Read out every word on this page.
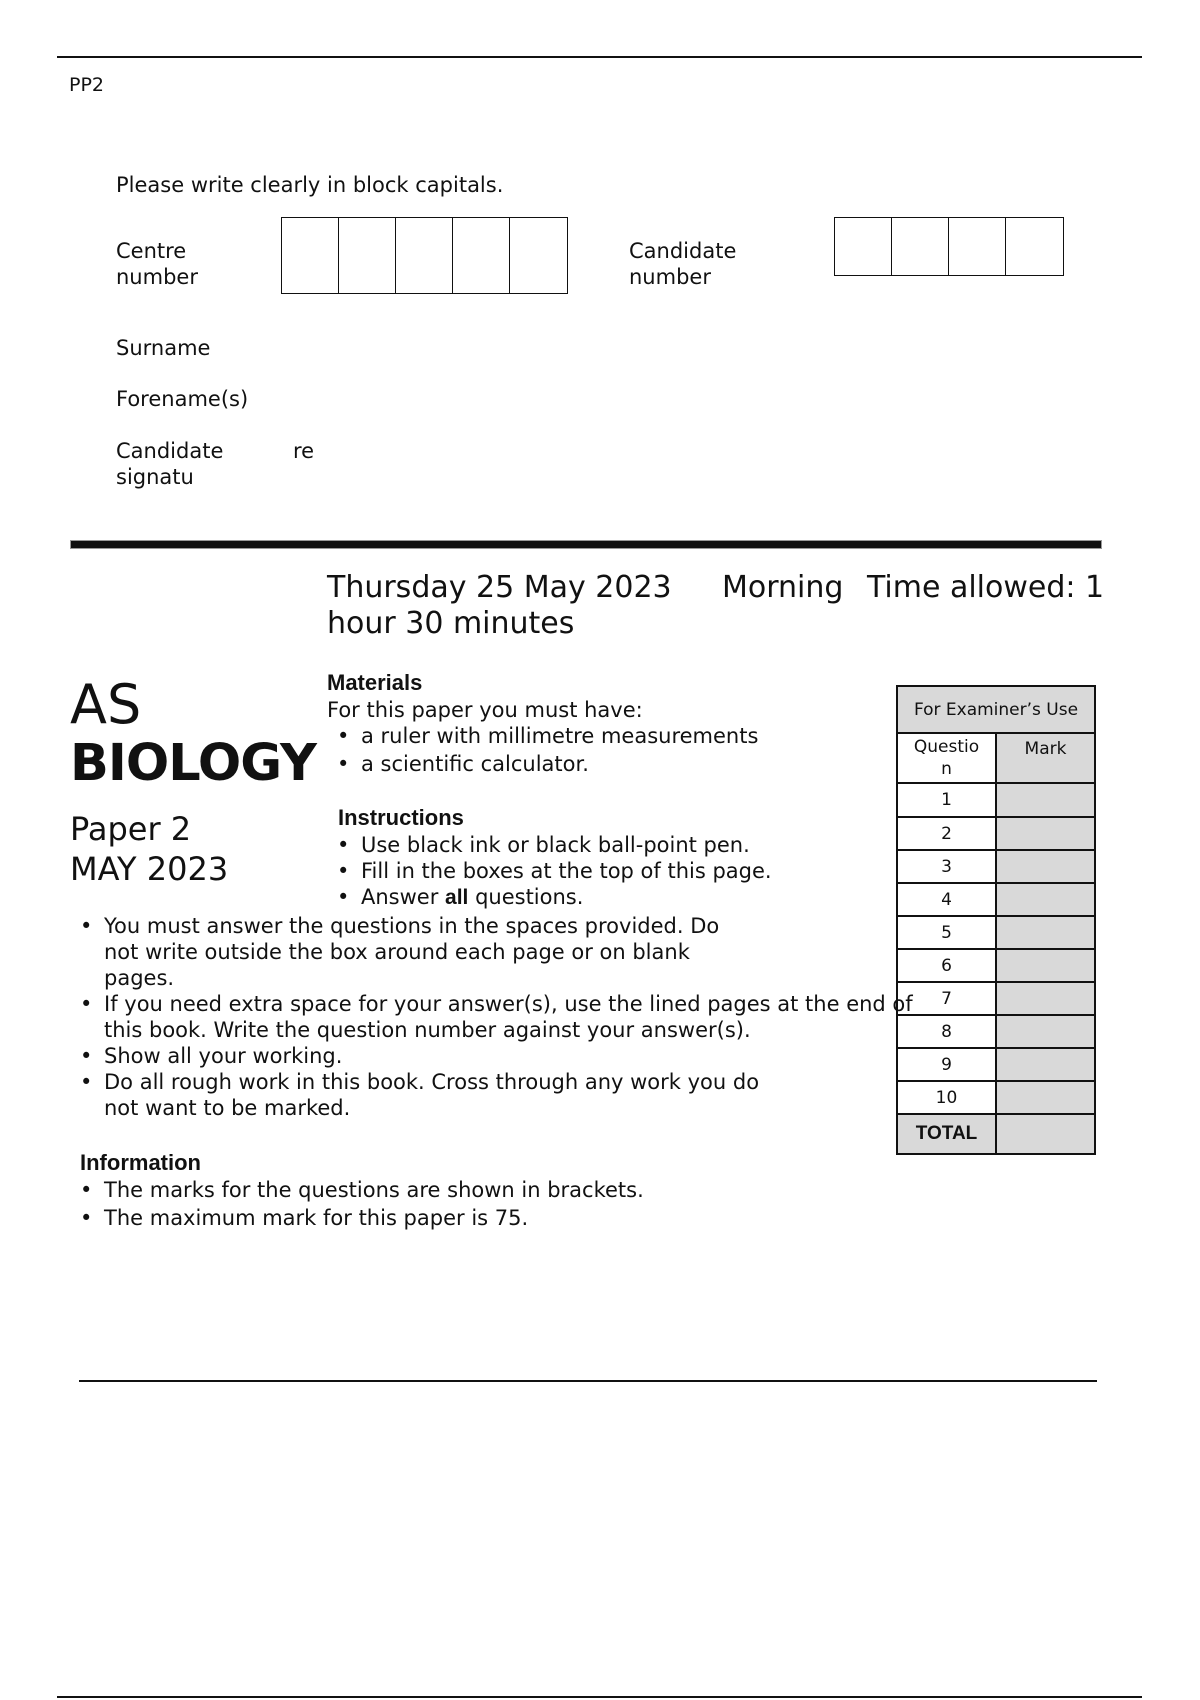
PP2
Please write clearly in block capitals.
Centre
number
Candidate
number
Surname
Forename(s)
Candidate
signatu
re
Thursday 25 May 2023 Morning Time allowed: 1
hour 30 minutes
AS
BIOLOGY
Paper 2
MAY 2023
Materials
For this paper you must have:
• a ruler with millimetre measurements
• a scientific calculator.
Instructions
• Use black ink or black ball-point pen.
• Fill in the boxes at the top of this page.
• Answer all questions.
• You must answer the questions in the spaces provided. Do
not write outside the box around each page or on blank
pages.
• If you need extra space for your answer(s), use the lined pages at the end of
this book. Write the question number against your answer(s).
• Show all your working.
• Do all rough work in this book. Cross through any work you do
not want to be marked.
Information
• The marks for the questions are shown in brackets.
• The maximum mark for this paper is 75.
For Examiner’s Use	

Questio
n	Mark
1	
2	
3	
4	
5	
6	
7	
8	
9	
10	
TOTAL	
